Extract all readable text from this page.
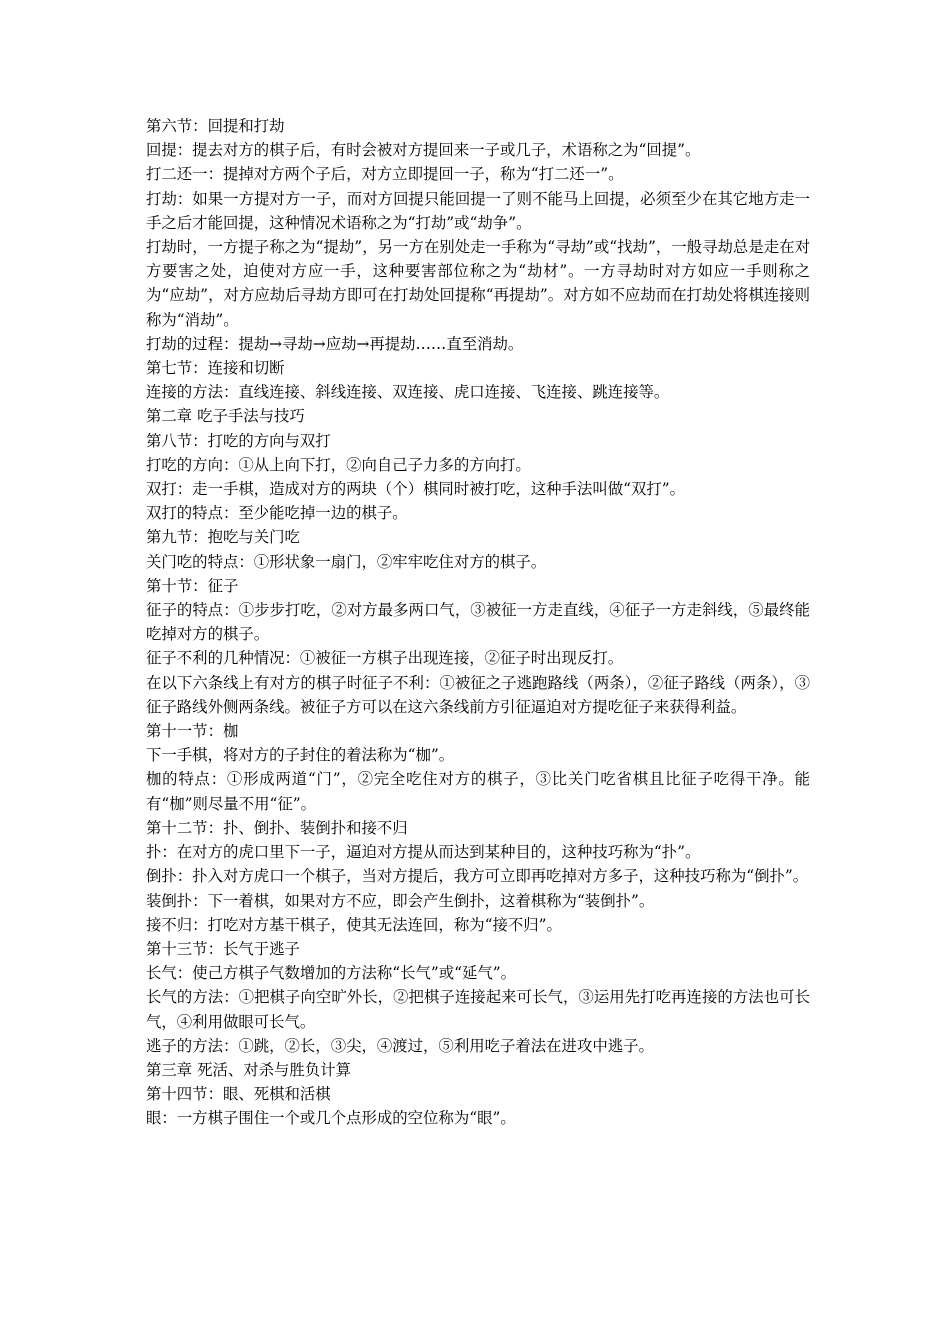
第六节：回提和打劫

回提：提去对方的棋子后，有时会被对方提回来一子或几子，术语称之为“回提”。

打二还一：提掉对方两个子后，对方立即提回一子，称为“打二还一”。

打劫：如果一方提对方一子，而对方回提只能回提一了则不能马上回提，必须至少在其它地方走一手之后才能回提，这种情况术语称之为“打劫”或“劫争”。

打劫时，一方提子称之为“提劫”，另一方在别处走一手称为“寻劫”或“找劫”，一般寻劫总是走在对方要害之处，迫使对方应一手，这种要害部位称之为“劫材”。一方寻劫时对方如应一手则称之为“应劫”，对方应劫后寻劫方即可在打劫处回提称“再提劫”。对方如不应劫而在打劫处将棋连接则称为“消劫”。

打劫的过程：提劫→寻劫→应劫→再提劫……直至消劫。

第七节：连接和切断

连接的方法：直线连接、斜线连接、双连接、虎口连接、飞连接、跳连接等。

第二章 吃子手法与技巧

第八节：打吃的方向与双打

打吃的方向：①从上向下打，②向自己子力多的方向打。

双打：走一手棋，造成对方的两块（个）棋同时被打吃，这种手法叫做“双打”。

双打的特点：至少能吃掉一边的棋子。

第九节：抱吃与关门吃

关门吃的特点：①形状象一扇门，②牢牢吃住对方的棋子。

第十节：征子

征子的特点：①步步打吃，②对方最多两口气，③被征一方走直线，④征子一方走斜线，⑤最终能吃掉对方的棋子。

征子不利的几种情况：①被征一方棋子出现连接，②征子时出现反打。

在以下六条线上有对方的棋子时征子不利：①被征之子逃跑路线（两条），②征子路线（两条），③征子路线外侧两条线。被征子方可以在这六条线前方引征逼迫对方提吃征子来获得利益。

第十一节：枷

下一手棋，将对方的子封住的着法称为“枷”。

枷的特点：①形成两道“门”，②完全吃住对方的棋子，③比关门吃省棋且比征子吃得干净。能有“枷”则尽量不用“征”。

第十二节：扑、倒扑、装倒扑和接不归

扑：在对方的虎口里下一子，逼迫对方提从而达到某种目的，这种技巧称为“扑”。

倒扑：扑入对方虎口一个棋子，当对方提后，我方可立即再吃掉对方多子，这种技巧称为“倒扑”。

装倒扑：下一着棋，如果对方不应，即会产生倒扑，这着棋称为“装倒扑”。

接不归：打吃对方基干棋子，使其无法连回，称为“接不归”。

第十三节：长气于逃子

长气：使己方棋子气数增加的方法称“长气”或“延气”。

长气的方法：①把棋子向空旷外长，②把棋子连接起来可长气，③运用先打吃再连接的方法也可长气，④利用做眼可长气。

逃子的方法：①跳，②长，③尖，④渡过，⑤利用吃子着法在进攻中逃子。

第三章 死活、对杀与胜负计算

第十四节：眼、死棋和活棋

眼：一方棋子围住一个或几个点形成的空位称为“眼”。
